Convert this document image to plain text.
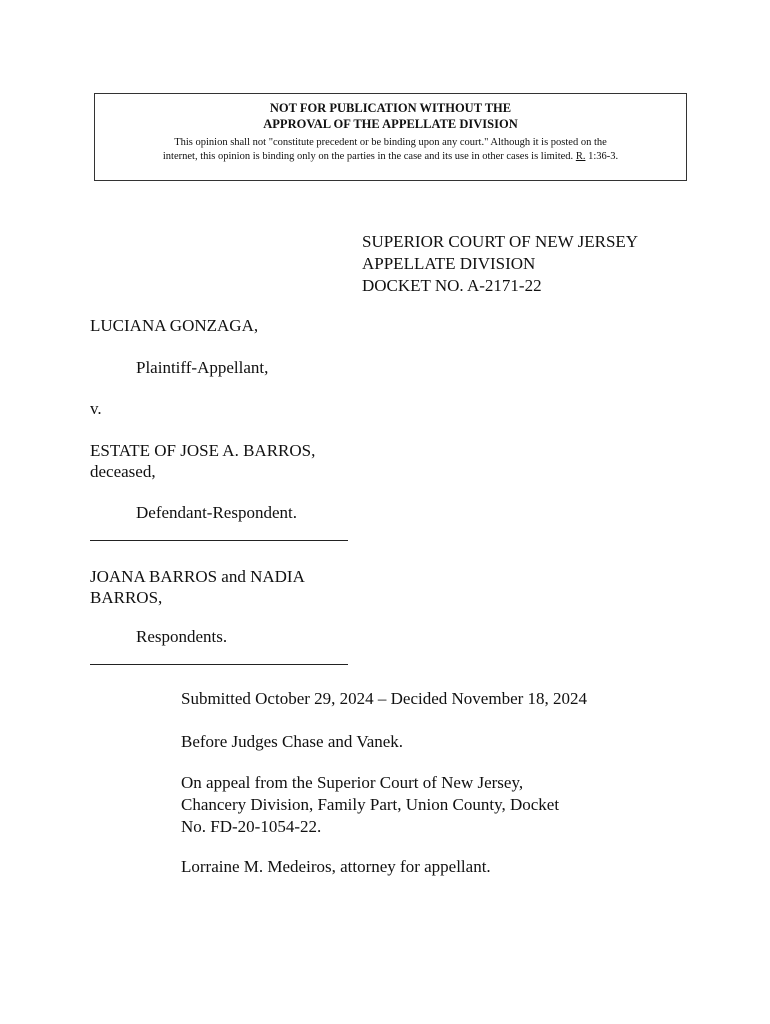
NOT FOR PUBLICATION WITHOUT THE
APPROVAL OF THE APPELLATE DIVISION
This opinion shall not "constitute precedent or be binding upon any court." Although it is posted on the
internet, this opinion is binding only on the parties in the case and its use in other cases is limited. R. 1:36-3.
SUPERIOR COURT OF NEW JERSEY
APPELLATE DIVISION
DOCKET NO. A-2171-22
LUCIANA GONZAGA,
Plaintiff-Appellant,
v.
ESTATE OF JOSE A. BARROS,
deceased,
Defendant-Respondent.
JOANA BARROS and NADIA
BARROS,
Respondents.
Submitted October 29, 2024 – Decided November 18, 2024
Before Judges Chase and Vanek.
On appeal from the Superior Court of New Jersey,
Chancery Division, Family Part, Union County, Docket
No. FD-20-1054-22.
Lorraine M. Medeiros, attorney for appellant.
